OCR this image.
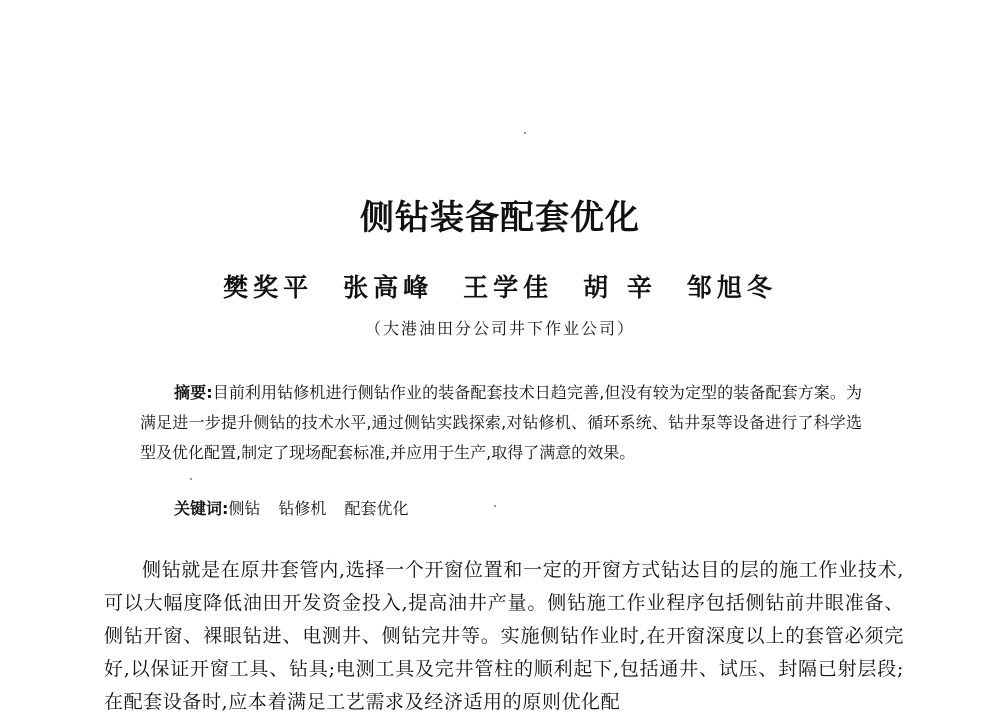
侧钻装备配套优化
樊奖平 张高峰 王学佳 胡 辛 邹旭冬
（大港油田分公司井下作业公司）

摘要:目前利用钻修机进行侧钻作业的装备配套技术日趋完善,但没有较为定型的装备配套方案。为满足进一步提升侧钻的技术水平,通过侧钻实践探索,对钻修机、循环系统、钻井泵等设备进行了科学选型及优化配置,制定了现场配套标准,并应用于生产,取得了满意的效果。

关键词:侧钻 钻修机 配套优化

侧钻就是在原井套管内,选择一个开窗位置和一定的开窗方式钻达目的层的施工作业技术,可以大幅度降低油田开发资金投入,提高油井产量。侧钻施工作业程序包括侧钻前井眼准备、侧钻开窗、裸眼钻进、电测井、侧钻完井等。实施侧钻作业时,在开窗深度以上的套管必须完好,以保证开窗工具、钻具;电测工具及完井管柱的顺利起下,包括通井、试压、封隔已射层段;在配套设备时,应本着满足工艺需求及经济适用的原则优化配
